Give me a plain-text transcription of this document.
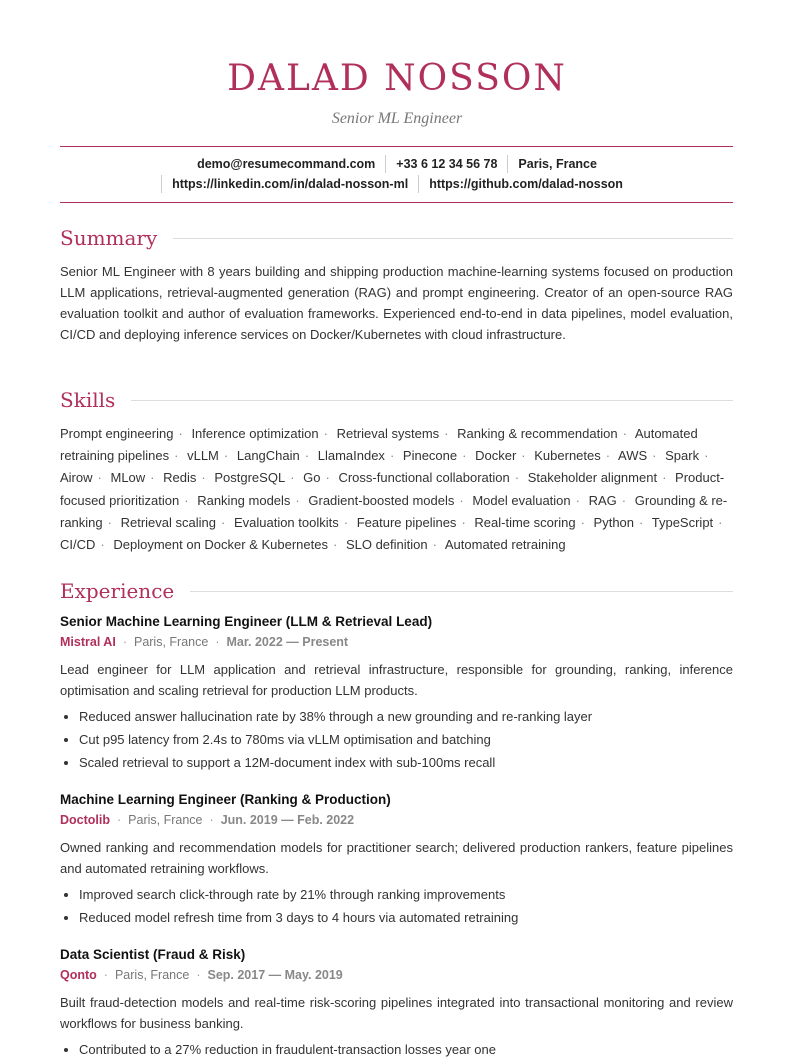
DALAD NOSSON
Senior ML Engineer
demo@resumecommand.com	+33 6 12 34 56 78	Paris, France
https://linkedin.com/in/dalad-nosson-ml	https://github.com/dalad-nosson
Summary

Senior ML Engineer with 8 years building and shipping production machine-learning systems focused on production LLM applications, retrieval-augmented generation (RAG) and prompt engineering. Creator of an open-source RAG evaluation toolkit and author of evaluation frameworks. Experienced end-to-end in data pipelines, model evaluation, CI/CD and deploying inference services on Docker/Kubernetes with cloud infrastructure.

Skills

Prompt engineering · Inference optimization · Retrieval systems · Ranking & recommendation · Automated retraining pipelines · vLLM · LangChain · LlamaIndex · Pinecone · Docker · Kubernetes · AWS · Spark · Airow · MLow · Redis · PostgreSQL · Go · Cross-functional collaboration · Stakeholder alignment · Product-focused prioritization · Ranking models · Gradient-boosted models · Model evaluation · RAG · Grounding & re-ranking · Retrieval scaling · Evaluation toolkits · Feature pipelines · Real-time scoring · Python · TypeScript · CI/CD · Deployment on Docker & Kubernetes · SLO definition · Automated retraining

Experience
Senior Machine Learning Engineer (LLM & Retrieval Lead)
Mistral AI · Paris, France · Mar. 2022 — Present

Lead engineer for LLM application and retrieval infrastructure, responsible for grounding, ranking, inference optimisation and scaling retrieval for production LLM products.

• Reduced answer hallucination rate by 38% through a new grounding and re-ranking layer
• Cut p95 latency from 2.4s to 780ms via vLLM optimisation and batching
• Scaled retrieval to support a 12M-document index with sub-100ms recall
Machine Learning Engineer (Ranking & Production)
Doctolib · Paris, France · Jun. 2019 — Feb. 2022

Owned ranking and recommendation models for practitioner search; delivered production rankers, feature pipelines and automated retraining workflows.

• Improved search click-through rate by 21% through ranking improvements
• Reduced model refresh time from 3 days to 4 hours via automated retraining
Data Scientist (Fraud & Risk)
Qonto · Paris, France · Sep. 2017 — May. 2019

Built fraud-detection models and real-time risk-scoring pipelines integrated into transactional monitoring and review workflows for business banking.

• Contributed to a 27% reduction in fraudulent-transaction losses year one
